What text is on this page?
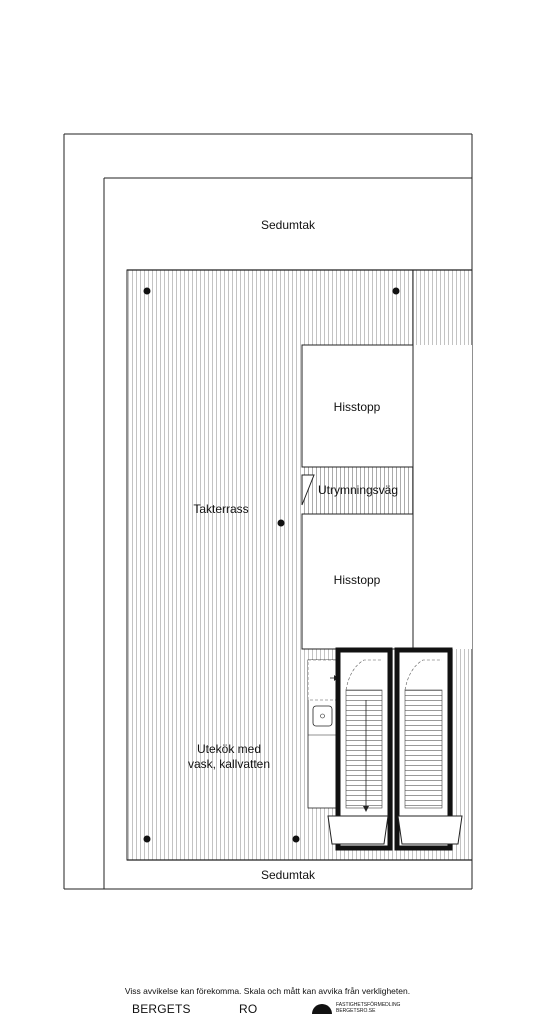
Sedumtak
Takterrass
Hisstopp
Utrymningsväg
Hisstopp
Utekök med
vask, kallvatten
Sedumtak
Viss avvikelse kan förekomma. Skala och mått kan avvika från verkligheten.
BERGETS	RO	FASTIGHETSFÖRMEDLING
BERGETSRO.SE
